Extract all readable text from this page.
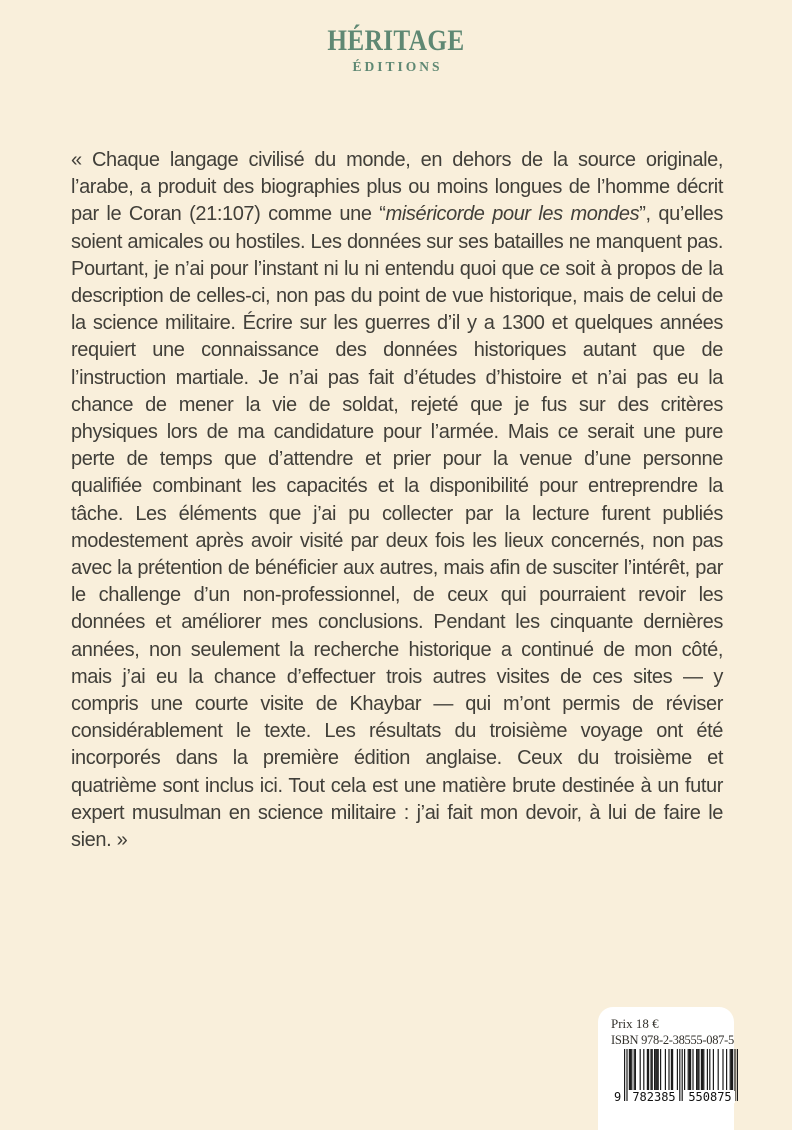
HÉRITAGE
ÉDITIONS

« Chaque langage civilisé du monde, en dehors de la source originale, l’arabe, a produit des biographies plus ou moins longues de l’homme décrit par le Coran (21:107) comme une “miséricorde pour les mondes”, qu’elles soient amicales ou hostiles. Les données sur ses batailles ne manquent pas. Pourtant, je n’ai pour l’instant ni lu ni entendu quoi que ce soit à propos de la description de celles-ci, non pas du point de vue historique, mais de celui de la science militaire. Écrire sur les guerres d’il y a 1300 et quelques années requiert une connaissance des données historiques autant que de l’instruction martiale. Je n’ai pas fait d’études d’histoire et n’ai pas eu la chance de mener la vie de soldat, rejeté que je fus sur des critères physiques lors de ma candidature pour l’armée. Mais ce serait une pure perte de temps que d’attendre et prier pour la venue d’une personne qualifiée combinant les capacités et la disponibilité pour entreprendre la tâche. Les éléments que j’ai pu collecter par la lecture furent publiés modestement après avoir visité par deux fois les lieux concernés, non pas avec la prétention de bénéficier aux autres, mais afin de susciter l’intérêt, par le challenge d’un non-professionnel, de ceux qui pourraient revoir les données et améliorer mes conclusions. Pendant les cinquante dernières années, non seulement la recherche historique a continué de mon côté, mais j’ai eu la chance d’effectuer trois autres visites de ces sites — y compris une courte visite de Khaybar — qui m’ont permis de réviser considérablement le texte. Les résultats du troisième voyage ont été incorporés dans la première édition anglaise. Ceux du troisième et quatrième sont inclus ici. Tout cela est une matière brute destinée à un futur expert musulman en science militaire : j’ai fait mon devoir, à lui de faire le sien. »

Prix 18 €
ISBN 978-2-38555-087-5
9 782385 550875
